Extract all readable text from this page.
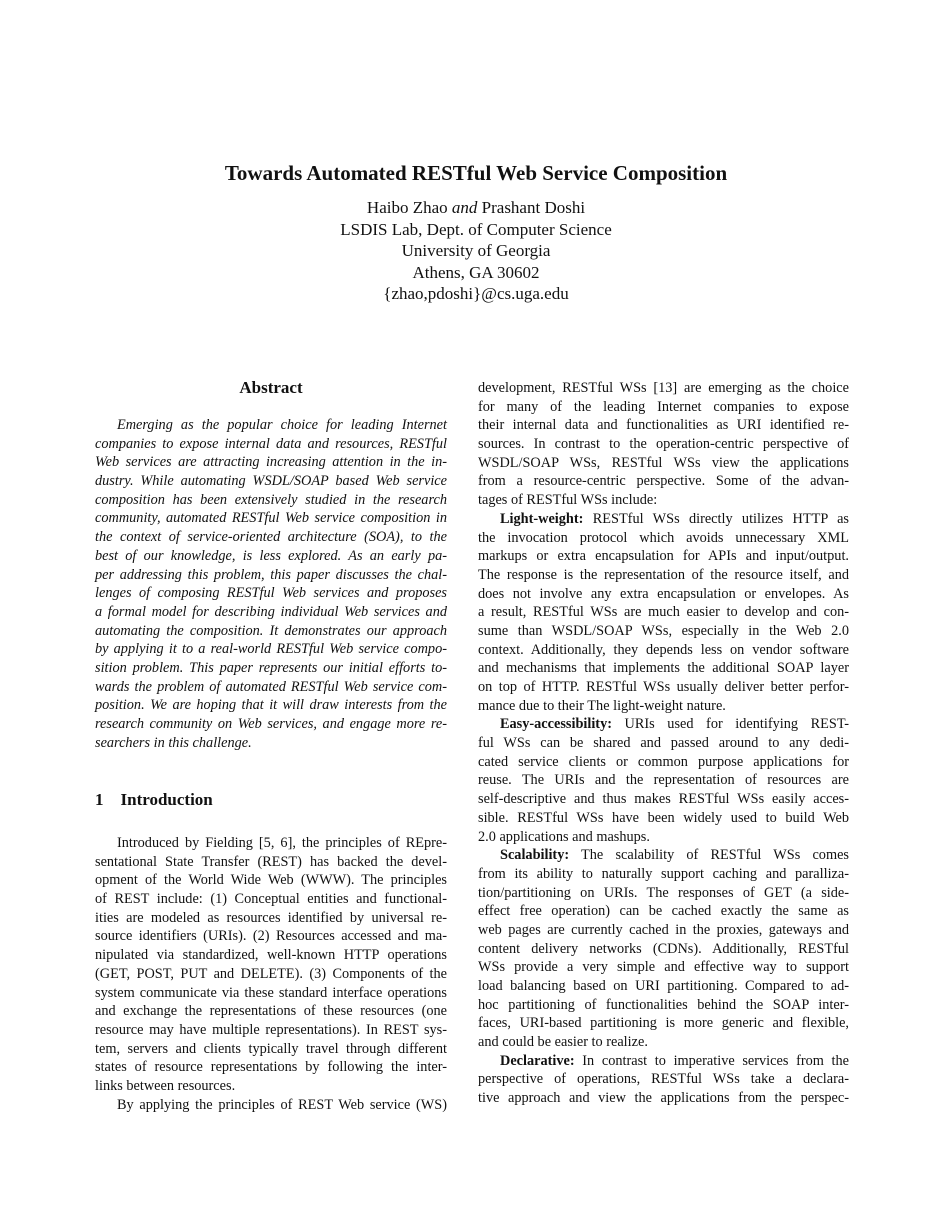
Towards Automated RESTful Web Service Composition
Haibo Zhao and Prashant Doshi
LSDIS Lab, Dept. of Computer Science
University of Georgia
Athens, GA 30602
{zhao,pdoshi}@cs.uga.edu
Abstract
Emerging as the popular choice for leading Internet
companies to expose internal data and resources, RESTful
Web services are attracting increasing attention in the in-
dustry. While automating WSDL/SOAP based Web service
composition has been extensively studied in the research
community, automated RESTful Web service composition in
the context of service-oriented architecture (SOA), to the
best of our knowledge, is less explored. As an early pa-
per addressing this problem, this paper discusses the chal-
lenges of composing RESTful Web services and proposes
a formal model for describing individual Web services and
automating the composition. It demonstrates our approach
by applying it to a real-world RESTful Web service compo-
sition problem. This paper represents our initial efforts to-
wards the problem of automated RESTful Web service com-
position. We are hoping that it will draw interests from the
research community on Web services, and engage more re-
searchers in this challenge.
1 Introduction
Introduced by Fielding [5, 6], the principles of REpre-
sentational State Transfer (REST) has backed the devel-
opment of the World Wide Web (WWW). The principles
of REST include: (1) Conceptual entities and functional-
ities are modeled as resources identified by universal re-
source identifiers (URIs). (2) Resources accessed and ma-
nipulated via standardized, well-known HTTP operations
(GET, POST, PUT and DELETE). (3) Components of the
system communicate via these standard interface operations
and exchange the representations of these resources (one
resource may have multiple representations). In REST sys-
tem, servers and clients typically travel through different
states of resource representations by following the inter-
links between resources.
By applying the principles of REST Web service (WS)
development, RESTful WSs [13] are emerging as the choice
for many of the leading Internet companies to expose
their internal data and functionalities as URI identified re-
sources. In contrast to the operation-centric perspective of
WSDL/SOAP WSs, RESTful WSs view the applications
from a resource-centric perspective. Some of the advan-
tages of RESTful WSs include:
Light-weight: RESTful WSs directly utilizes HTTP as
the invocation protocol which avoids unnecessary XML
markups or extra encapsulation for APIs and input/output.
The response is the representation of the resource itself, and
does not involve any extra encapsulation or envelopes. As
a result, RESTful WSs are much easier to develop and con-
sume than WSDL/SOAP WSs, especially in the Web 2.0
context. Additionally, they depends less on vendor software
and mechanisms that implements the additional SOAP layer
on top of HTTP. RESTful WSs usually deliver better perfor-
mance due to their The light-weight nature.
Easy-accessibility: URIs used for identifying REST-
ful WSs can be shared and passed around to any dedi-
cated service clients or common purpose applications for
reuse. The URIs and the representation of resources are
self-descriptive and thus makes RESTful WSs easily acces-
sible. RESTful WSs have been widely used to build Web
2.0 applications and mashups.
Scalability: The scalability of RESTful WSs comes
from its ability to naturally support caching and paralliza-
tion/partitioning on URIs. The responses of GET (a side-
effect free operation) can be cached exactly the same as
web pages are currently cached in the proxies, gateways and
content delivery networks (CDNs). Additionally, RESTful
WSs provide a very simple and effective way to support
load balancing based on URI partitioning. Compared to ad-
hoc partitioning of functionalities behind the SOAP inter-
faces, URI-based partitioning is more generic and flexible,
and could be easier to realize.
Declarative: In contrast to imperative services from the
perspective of operations, RESTful WSs take a declara-
tive approach and view the applications from the perspec-
